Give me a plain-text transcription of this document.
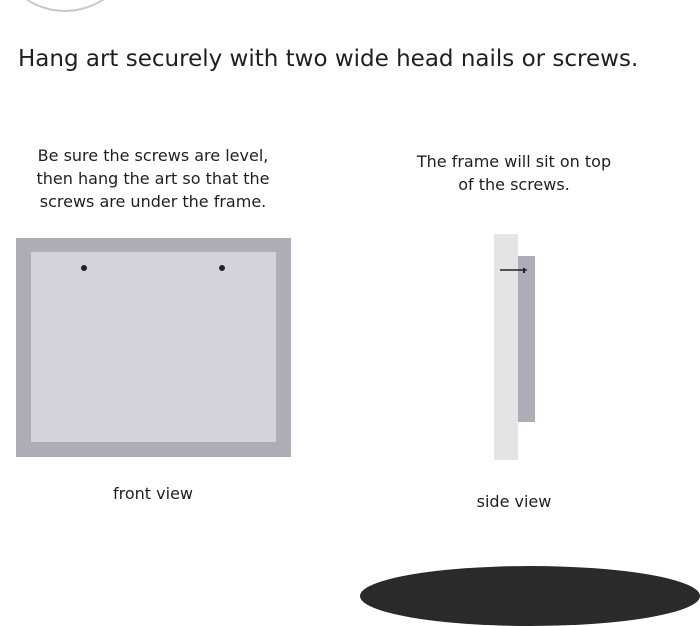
Hang art securely with two wide head nails or screws.
Be sure the screws are level,
then hang the art so that the
screws are under the frame.
The frame will sit on top
of the screws.
front view	side view
